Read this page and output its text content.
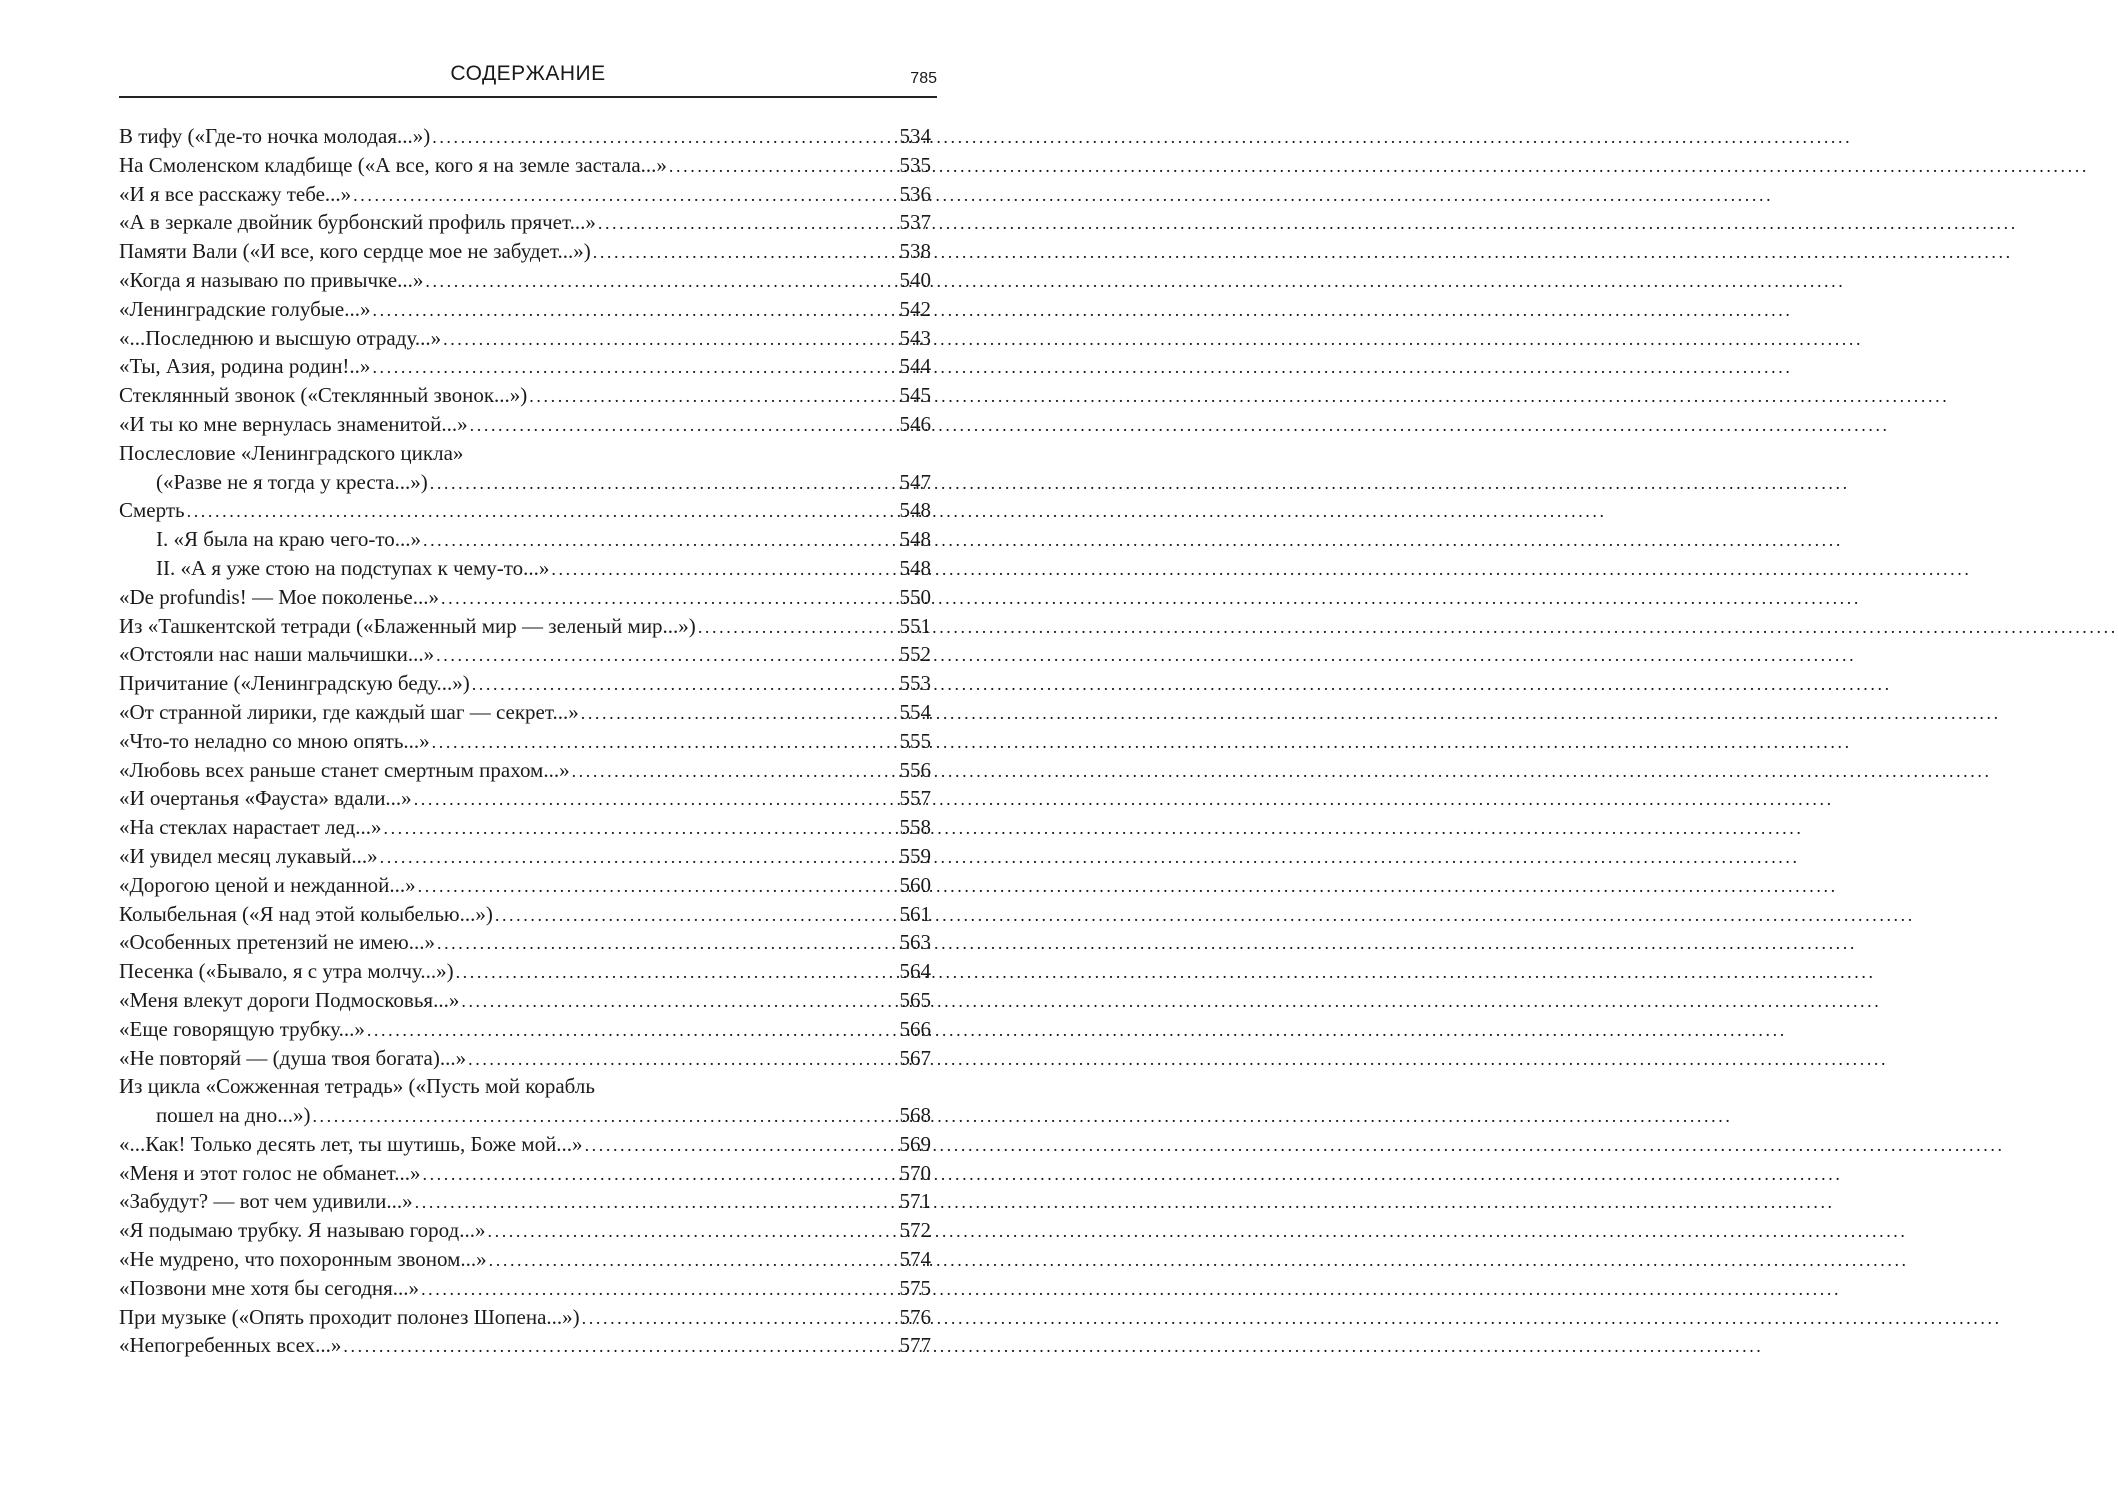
СОДЕРЖАНИЕ	785
В тифу («Где-то ночка молодая...») .....	534
На Смоленском кладбище («А все, кого я на земле застала...» .....	535
«И я все расскажу тебе...» .....	536
«А в зеркале двойник бурбонский профиль прячет...» .....	537
Памяти Вали («И все, кого сердце мое не забудет...») .....	538
«Когда я называю по привычке...» .....	540
«Ленинградские голубые...» .....	542
«...Последнюю и высшую отраду...» .....	543
«Ты, Азия, родина родин!..» .....	544
Стеклянный звонок («Стеклянный звонок...») .....	545
«И ты ко мне вернулась знаменитой...» .....	546
Послесловие «Ленинградского цикла»
(«Разве не я тогда у креста...») .....	547
Смерть .....	548
I. «Я была на краю чего-то...» .....	548
II. «А я уже стою на подступах к чему-то...» .....	548
«De profundis! — Мое поколенье...» .....	550
Из «Ташкентской тетради («Блаженный мир — зеленый мир...») .....	551
«Отстояли нас наши мальчишки...» .....	552
Причитание («Ленинградскую беду...») .....	553
«От странной лирики, где каждый шаг — секрет...» .....	554
«Что-то неладно со мною опять...» .....	555
«Любовь всех раньше станет смертным прахом...» .....	556
«И очертанья «Фауста» вдали...» .....	557
«На стеклах нарастает лед...» .....	558
«И увидел месяц лукавый...» .....	559
«Дорогою ценой и нежданной...» .....	560
Колыбельная («Я над этой колыбелью...») .....	561
«Особенных претензий не имею...» .....	563
Песенка («Бывало, я с утра молчу...») .....	564
«Меня влекут дороги Подмосковья...» .....	565
«Еще говорящую трубку...» .....	566
«Не повторяй — (душа твоя богата)...» .....	567
Из цикла «Сожженная тетрадь» («Пусть мой корабль
пошел на дно...») .....	568
«...Как! Только десять лет, ты шутишь, Боже мой...» .....	569
«Меня и этот голос не обманет...» .....	570
«Забудут? — вот чем удивили...» .....	571
«Я подымаю трубку. Я называю город...» .....	572
«Не мудрено, что похоронным звоном...» .....	574
«Позвони мне хотя бы сегодня...» .....	575
При музыке («Опять проходит полонез Шопена...») .....	576
«Непогребенных всех...» .....	577
